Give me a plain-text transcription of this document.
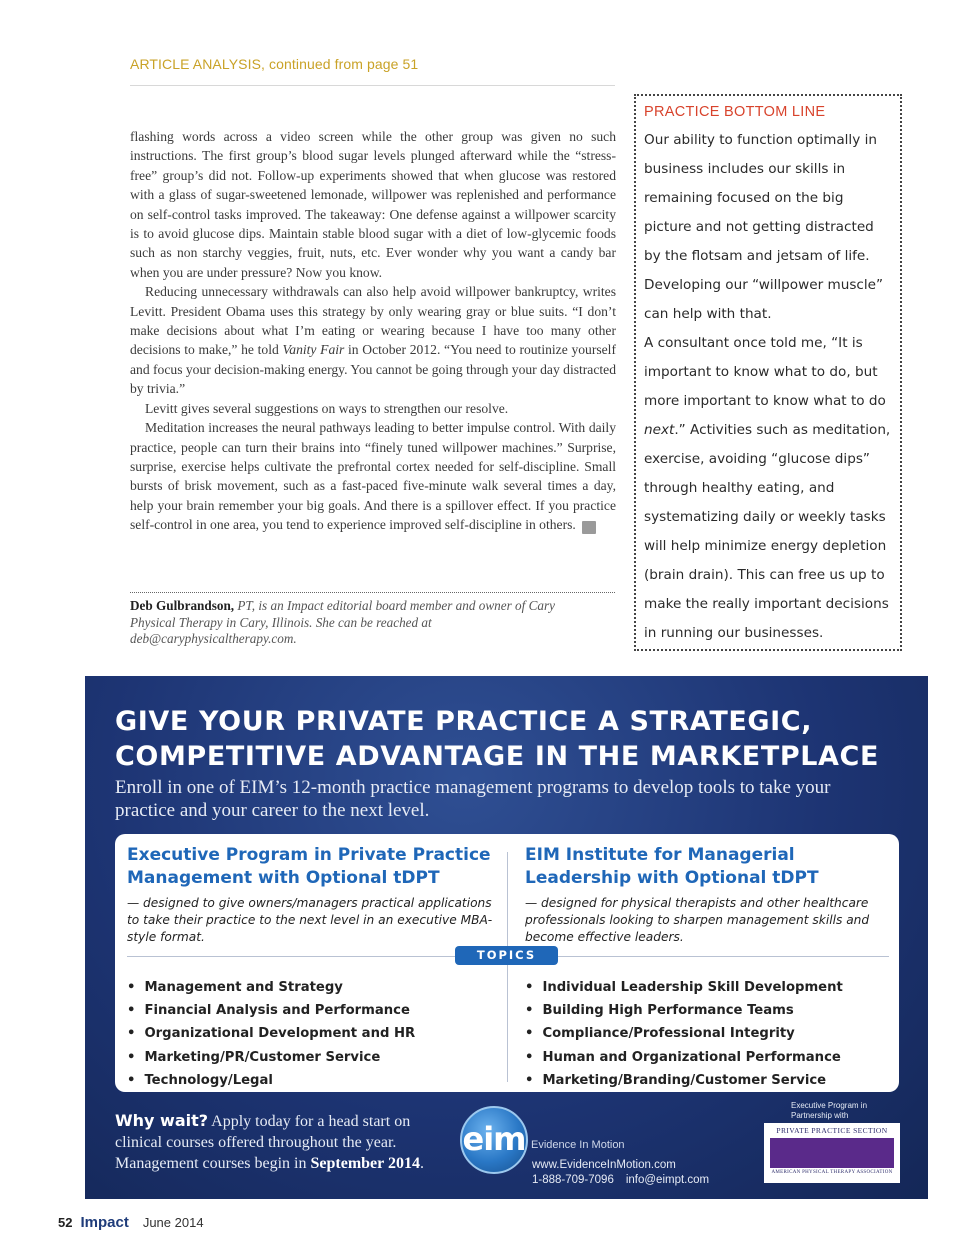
ARTICLE ANALYSIS, continued from page 51

flashing words across a video screen while the other group was given no such instructions. The first group’s blood sugar levels plunged afterward while the “stress-free” group’s did not. Follow-up experiments showed that when glucose was restored with a glass of sugar-sweetened lemonade, willpower was replenished and performance on self-control tasks improved. The takeaway: One defense against a willpower scarcity is to avoid glucose dips. Maintain stable blood sugar with a diet of low-glycemic foods such as non starchy veggies, fruit, nuts, etc. Ever wonder why you want a candy bar when you are under pressure? Now you know.

Reducing unnecessary withdrawals can also help avoid willpower bankruptcy, writes Levitt. President Obama uses this strategy by only wearing gray or blue suits. “I don’t make decisions about what I’m eating or wearing because I have too many other decisions to make,” he told Vanity Fair in October 2012. “You need to routinize yourself and focus your decision-making energy. You cannot be going through your day distracted by trivia.”

Levitt gives several suggestions on ways to strengthen our resolve.

Meditation increases the neural pathways leading to better impulse control. With daily practice, people can turn their brains into “finely tuned willpower machines.” Surprise, surprise, exercise helps cultivate the prefrontal cortex needed for self-discipline. Small bursts of brisk movement, such as a fast-paced five-minute walk several times a day, help your brain remember your big goals. And there is a spillover effect. If you practice self-control in one area, you tend to experience improved self-discipline in others. I

Deb Gulbrandson, PT, is an Impact editorial board member and owner of Cary Physical Therapy in Cary, Illinois. She can be reached at deb@caryphysicaltherapy.com.
PRACTICE BOTTOM LINE

Our ability to function optimally in business includes our skills in remaining focused on the big picture and not getting distracted by the flotsam and jetsam of life. Developing our “willpower muscle” can help with that.

A consultant once told me, “It is important to know what to do, but more important to know what to do next.” Activities such as meditation, exercise, avoiding “glucose dips” through healthy eating, and systematizing daily or weekly tasks will help minimize energy depletion (brain drain). This can free us up to make the really important decisions in running our businesses.

GIVE YOUR PRIVATE PRACTICE A STRATEGIC,
COMPETITIVE ADVANTAGE IN THE MARKETPLACE
Enroll in one of EIM’s 12-month practice management programs to develop tools to take your practice and your career to the next level.
Executive Program in Private Practice Management with Optional tDPT
— designed to give owners/managers practical applications to take their practice to the next level in an executive MBA-style format.
EIM Institute for Managerial Leadership with Optional tDPT
— designed for physical therapists and other healthcare professionals looking to sharpen management skills and become effective leaders.
TOPICS
• Management and Strategy
• Financial Analysis and Performance
• Organizational Development and HR
• Marketing/PR/Customer Service
• Technology/Legal
• Individual Leadership Skill Development
• Building High Performance Teams
• Compliance/Professional Integrity
• Human and Organizational Performance
• Marketing/Branding/Customer Service
Why wait? Apply today for a head start on clinical courses offered throughout the year. Management courses begin in September 2014.
eim Evidence In Motion
www.EvidenceInMotion.com
1-888-709-7096 info@eimpt.com
Executive Program in Partnership with
PRIVATE PRACTICE SECTION
AMERICAN PHYSICAL THERAPY ASSOCIATION
52 Impact June 2014
